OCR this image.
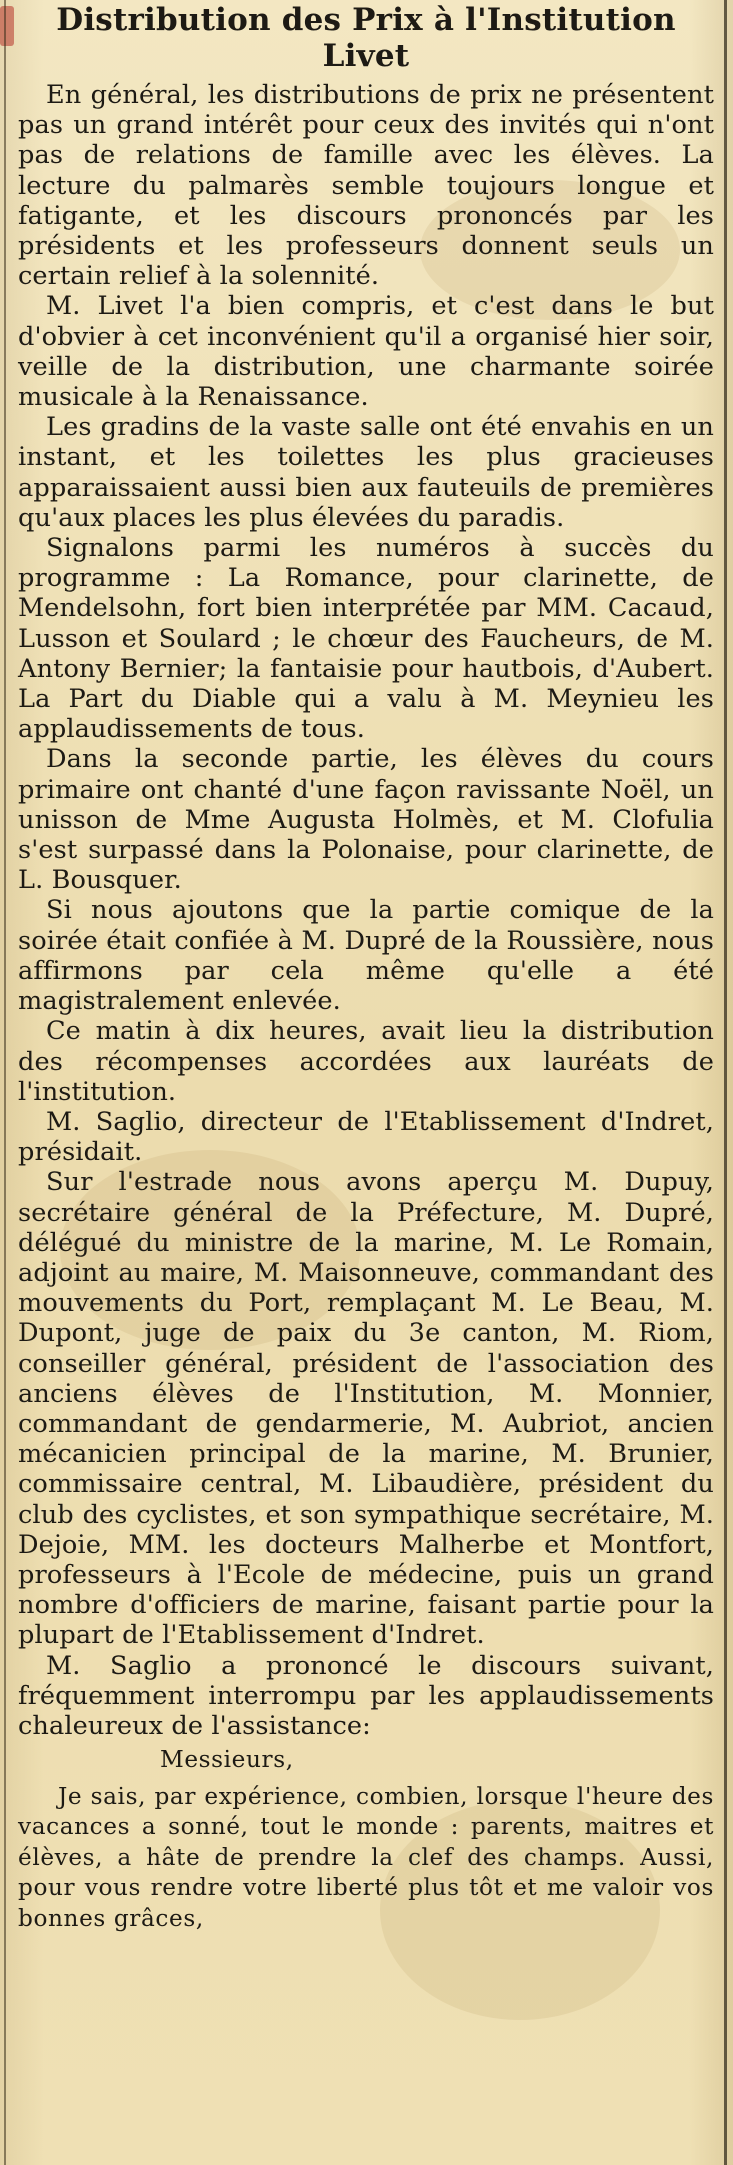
Distribution des Prix à l'Institution
Livet

En général, les distributions de prix ne présentent pas un grand intérêt pour ceux des invités qui n'ont pas de relations de famille avec les élèves. La lecture du palmarès semble toujours longue et fatigante, et les discours prononcés par les présidents et les professeurs donnent seuls un certain relief à la solennité.

M. Livet l'a bien compris, et c'est dans le but d'obvier à cet inconvénient qu'il a organisé hier soir, veille de la distribution, une charmante soirée musicale à la Renaissance.

Les gradins de la vaste salle ont été envahis en un instant, et les toilettes les plus gracieuses apparaissaient aussi bien aux fauteuils de premières qu'aux places les plus élevées du paradis.

Signalons parmi les numéros à succès du programme : La Romance, pour clarinette, de Mendelsohn, fort bien interprétée par MM. Cacaud, Lusson et Soulard ; le chœur des Faucheurs, de M. Antony Bernier; la fantaisie pour hautbois, d'Aubert. La Part du Diable qui a valu à M. Meynieu les applaudissements de tous.

Dans la seconde partie, les élèves du cours primaire ont chanté d'une façon ravissante Noël, un unisson de Mme Augusta Holmès, et M. Clofulia s'est surpassé dans la Polonaise, pour clarinette, de L. Bousquer.

Si nous ajoutons que la partie comique de la soirée était confiée à M. Dupré de la Roussière, nous affirmons par cela même qu'elle a été magistralement enlevée.

Ce matin à dix heures, avait lieu la distribution des récompenses accordées aux lauréats de l'institution.

M. Saglio, directeur de l'Etablissement d'Indret, présidait.

Sur l'estrade nous avons aperçu M. Dupuy, secrétaire général de la Préfecture, M. Dupré, délégué du ministre de la marine, M. Le Romain, adjoint au maire, M. Maisonneuve, commandant des mouvements du Port, remplaçant M. Le Beau, M. Dupont, juge de paix du 3e canton, M. Riom, conseiller général, président de l'association des anciens élèves de l'Institution, M. Monnier, commandant de gendarmerie, M. Aubriot, ancien mécanicien principal de la marine, M. Brunier, commissaire central, M. Libaudière, président du club des cyclistes, et son sympathique secrétaire, M. Dejoie, MM. les docteurs Malherbe et Montfort, professeurs à l'Ecole de médecine, puis un grand nombre d'officiers de marine, faisant partie pour la plupart de l'Etablissement d'Indret.

M. Saglio a prononcé le discours suivant, fréquemment interrompu par les applaudissements chaleureux de l'assistance:

Messieurs,

Je sais, par expérience, combien, lorsque l'heure des vacances a sonné, tout le monde : parents, maitres et élèves, a hâte de prendre la clef des champs. Aussi, pour vous rendre votre liberté plus tôt et me valoir vos bonnes grâces,
